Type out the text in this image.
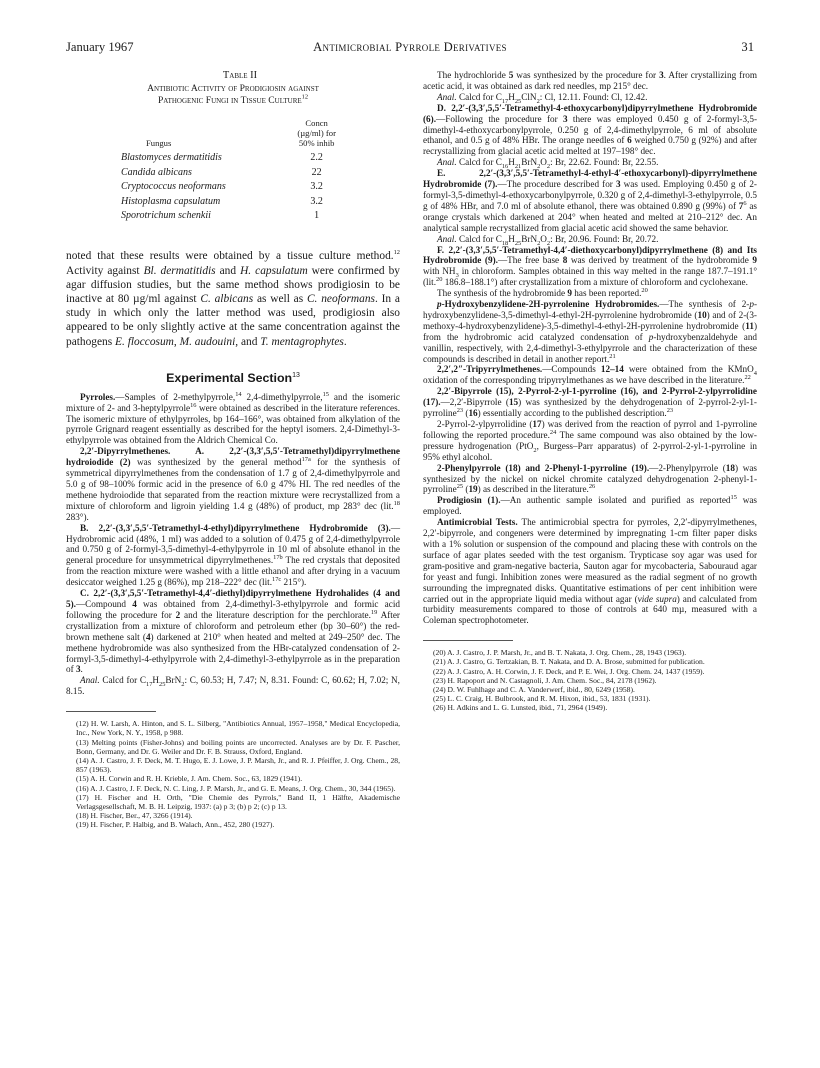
January 1967	Antimicrobial Pyrrole Derivatives	31

Table II
Antibiotic Activity of Prodigiosin against
Pathogenic Fungi in Tissue Culture$^{12}$

Fungus	Concn
(µg/ml) for
50% inhib
Blastomyces dermatitidis	2.2
Candida albicans	22
Cryptococcus neoformans	3.2
Histoplasma capsulatum	3.2
Sporotrichum schenkii	1

noted that these results were obtained by a tissue culture method.$^{12}$ Activity against Bl. dermatitidis and H. capsulatum were confirmed by agar diffusion studies, but the same method shows prodigiosin to be inactive at 80 µg/ml against C. albicans as well as C. neoformans. In a study in which only the latter method was used, prodigiosin also appeared to be only slightly active at the same concentration against the pathogens E. floccosum, M. audouini, and T. mentagrophytes.

Experimental Section$^{13}$

Pyrroles.—Samples of 2-methylpyrrole,$^{14}$ 2,4-dimethylpyrrole,$^{15}$ and the isomeric mixture of 2- and 3-heptylpyrrole$^{16}$ were obtained as described in the literature references. The isomeric mixture of ethylpyrroles, bp 164–166°, was obtained from alkylation of the pyrrole Grignard reagent essentially as described for the heptyl isomers. 2,4-Dimethyl-3-ethylpyrrole was obtained from the Aldrich Chemical Co.

2,2′-Dipyrrylmethenes. A. 2,2′-(3,3′,5,5′-Tetramethyl)dipyrrylmethene hydroiodide (2) was synthesized by the general method$^{17a}$ for the synthesis of symmetrical dipyrrylmethenes from the condensation of 1.7 g of 2,4-dimethylpyrrole and 5.0 g of 98–100% formic acid in the presence of 6.0 g 47% HI. The red needles of the methene hydroiodide that separated from the reaction mixture were recrystallized from a mixture of chloroform and ligroin yielding 1.4 g (48%) of product, mp 283° dec (lit.$^{18}$ 283°).

B. 2,2′-(3,3′,5,5′-Tetramethyl-4-ethyl)dipyrrylmethene Hydrobromide (3).—Hydrobromic acid (48%, 1 ml) was added to a solution of 0.475 g of 2,4-dimethylpyrrole and 0.750 g of 2-formyl-3,5-dimethyl-4-ethylpyrrole in 10 ml of absolute ethanol in the general procedure for unsymmetrical dipyrrylmethenes.$^{17b}$ The red crystals that deposited from the reaction mixture were washed with a little ethanol and after drying in a vacuum desiccator weighed 1.25 g (86%), mp 218–222° dec (lit.$^{17c}$ 215°).

C. 2,2′-(3,3′,5,5′-Tetramethyl-4,4′-diethyl)dipyrrylmethene Hydrohalides (4 and 5).—Compound 4 was obtained from 2,4-dimethyl-3-ethylpyrrole and formic acid following the procedure for 2 and the literature description for the perchlorate.$^{19}$ After crystallization from a mixture of chloroform and petroleum ether (bp 30–60°) the red-brown methene salt (4) darkened at 210° when heated and melted at 249–250° dec. The methene hydrobromide was also synthesized from the HBr-catalyzed condensation of 2-formyl-3,5-dimethyl-4-ethylpyrrole with 2,4-dimethyl-3-ethylpyrrole as in the preparation of 3.

Anal. Calcd for $C_{17}H_{25}BrN_2$: C, 60.53; H, 7.47; N, 8.31. Found: C, 60.62; H, 7.02; N, 8.15.

(12) H. W. Larsh, A. Hinton, and S. L. Silberg, "Antibiotics Annual, 1957–1958," Medical Encyclopedia, Inc., New York, N. Y., 1958, p 988.
(13) Melting points (Fisher-Johns) and boiling points are uncorrected. Analyses are by Dr. F. Pascher, Bonn, Germany, and Dr. G. Weiler and Dr. F. B. Strauss, Oxford, England.
(14) A. J. Castro, J. F. Deck, M. T. Hugo, E. J. Lowe, J. P. Marsh, Jr., and R. J. Pfeiffer, J. Org. Chem., 28, 857 (1963).
(15) A. H. Corwin and R. H. Krieble, J. Am. Chem. Soc., 63, 1829 (1941).
(16) A. J. Castro, J. F. Deck, N. C. Ling, J. P. Marsh, Jr., and G. E. Means, J. Org. Chem., 30, 344 (1965).
(17) H. Fischer and H. Orth, "Die Chemie des Pyrrols," Band II, 1 Hälfte, Akademische Verlagsgesellschaft, M. B. H. Leipzig, 1937: (a) p 3; (b) p 2; (c) p 13.
(18) H. Fischer, Ber., 47, 3266 (1914).
(19) H. Fischer, P. Halbig, and B. Walach, Ann., 452, 280 (1927).

The hydrochloride 5 was synthesized by the procedure for 3. After crystallizing from acetic acid, it was obtained as dark red needles, mp 215° dec.

Anal. Calcd for $C_{17}H_{25}ClN_2$: Cl, 12.11. Found: Cl, 12.42.

D. 2,2′-(3,3′,5,5′-Tetramethyl-4-ethoxycarbonyl)dipyrrylmethene Hydrobromide (6).—Following the procedure for 3 there was employed 0.450 g of 2-formyl-3,5-dimethyl-4-ethoxycarbonylpyrrole, 0.250 g of 2,4-dimethylpyrrole, 6 ml of absolute ethanol, and 0.5 g of 48% HBr. The orange needles of 6 weighed 0.750 g (92%) and after recrystallizing from glacial acetic acid melted at 197–198° dec.

Anal. Calcd for $C_{16}H_{21}BrN_2O_2$: Br, 22.62. Found: Br, 22.55.

E. 2,2′-(3,3′,5,5′-Tetramethyl-4-ethyl-4′-ethoxycarbonyl)-dipyrrylmethene Hydrobromide (7).—The procedure described for 3 was used. Employing 0.450 g of 2-formyl-3,5-dimethyl-4-ethoxycarbonylpyrrole, 0.320 g of 2,4-dimethyl-3-ethylpyrrole, 0.5 g of 48% HBr, and 7.0 ml of absolute ethanol, there was obtained 0.890 g (99%) of $7^6$ as orange crystals which darkened at 204° when heated and melted at 210–212° dec. An analytical sample recrystallized from glacial acetic acid showed the same behavior.

Anal. Calcd for $C_{18}H_{25}BrN_2O_2$: Br, 20.96. Found: Br, 20.72.

F. 2,2′-(3,3′,5,5′-Tetramethyl-4,4′-diethoxycarbonyl)dipyrrylmethene (8) and Its Hydrobromide (9).—The free base 8 was derived by treatment of the hydrobromide 9 with $NH_3$ in chloroform. Samples obtained in this way melted in the range 187.7–191.1° (lit.$^{20}$ 186.8–188.1°) after crystallization from a mixture of chloroform and cyclohexane.

The synthesis of the hydrobromide 9 has been reported.$^{20}$

p-Hydroxybenzylidene-2H-pyrrolenine Hydrobromides.—The synthesis of 2-p-hydroxybenzylidene-3,5-dimethyl-4-ethyl-2H-pyrrolenine hydrobromide (10) and of 2-(3-methoxy-4-hydroxybenzylidene)-3,5-dimethyl-4-ethyl-2H-pyrrolenine hydrobromide (11) from the hydrobromic acid catalyzed condensation of p-hydroxybenzaldehyde and vanillin, respectively, with 2,4-dimethyl-3-ethylpyrrole and the characterization of these compounds is described in detail in another report.$^{21}$

2,2′,2″-Tripyrrylmethenes.—Compounds 12–14 were obtained from the KMnO$_4$ oxidation of the corresponding tripyrrylmethanes as we have described in the literature.$^{22}$

2,2′-Bipyrrole (15), 2-Pyrrol-2-yl-1-pyrroline (16), and 2-Pyrrol-2-ylpyrrolidine (17).—2,2′-Bipyrrole (15) was synthesized by the dehydrogenation of 2-pyrrol-2-yl-1-pyrroline$^{23}$ (16) essentially according to the published description.$^{23}$

2-Pyrrol-2-ylpyrrolidine (17) was derived from the reaction of pyrrol and 1-pyrroline following the reported procedure.$^{24}$ The same compound was also obtained by the low-pressure hydrogenation (PtO$_2$, Burgess–Parr apparatus) of 2-pyrrol-2-yl-1-pyrroline in 95% ethyl alcohol.

2-Phenylpyrrole (18) and 2-Phenyl-1-pyrroline (19).—2-Phenylpyrrole (18) was synthesized by the nickel on nickel chromite catalyzed dehydrogenation 2-phenyl-1-pyrroline$^{25}$ (19) as described in the literature.$^{26}$

Prodigiosin (1).—An authentic sample isolated and purified as reported$^{15}$ was employed.

Antimicrobial Tests. The antimicrobial spectra for pyrroles, 2,2′-dipyrrylmethenes, 2,2′-bipyrrole, and congeners were determined by impregnating 1-cm filter paper disks with a 1% solution or suspension of the compound and placing these with controls on the surface of agar plates seeded with the test organism. Trypticase soy agar was used for gram-positive and gram-negative bacteria, Sauton agar for mycobacteria, Sabouraud agar for yeast and fungi. Inhibition zones were measured as the radial segment of no growth surrounding the impregnated disks. Quantitative estimations of per cent inhibition were carried out in the appropriate liquid media without agar (vide supra) and calculated from turbidity measurements compared to those of controls at 640 mµ, measured with a Coleman spectrophotometer.

(20) A. J. Castro, J. P. Marsh, Jr., and B. T. Nakata, J. Org. Chem., 28, 1943 (1963).
(21) A. J. Castro, G. Tertzakian, B. T. Nakata, and D. A. Brose, submitted for publication.
(22) A. J. Castro, A. H. Corwin, J. F. Deck, and P. E. Wei, J. Org. Chem. 24, 1437 (1959).
(23) H. Rapoport and N. Castagnoli, J. Am. Chem. Soc., 84, 2178 (1962).
(24) D. W. Fuhlhage and C. A. Vanderwerf, ibid., 80, 6249 (1958).
(25) L. C. Craig, H. Bulbrook, and R. M. Hixon, ibid., 53, 1831 (1931).
(26) H. Adkins and L. G. Lunsted, ibid., 71, 2964 (1949).
